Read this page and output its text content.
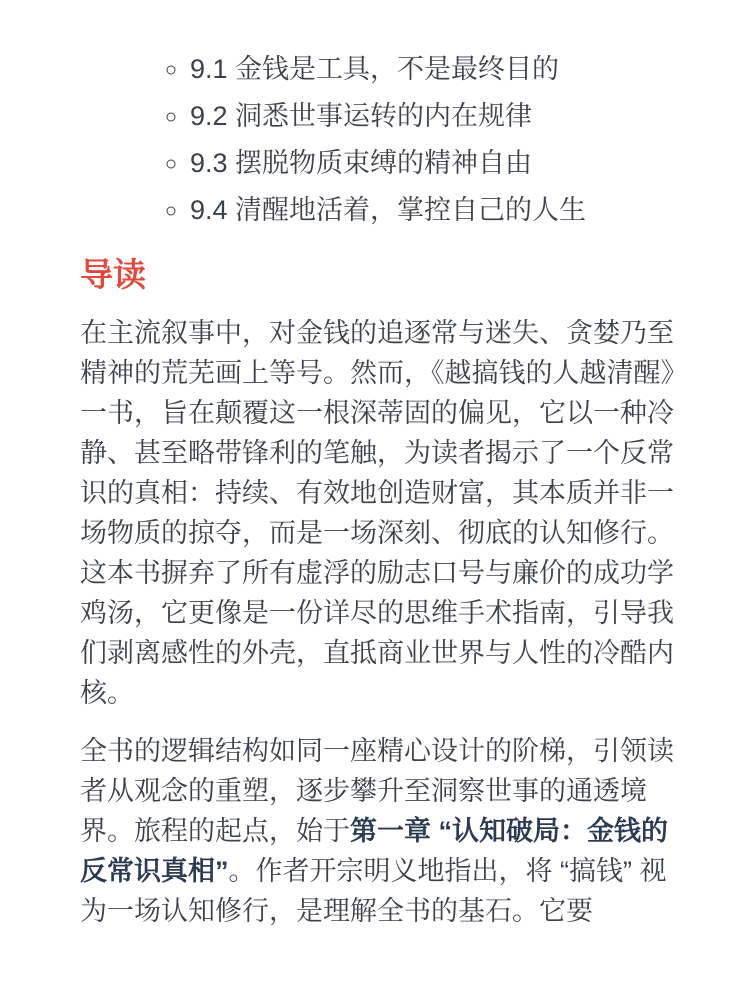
◦ 9.1 金钱是工具，不是最终目的
◦ 9.2 洞悉世事运转的内在规律
◦ 9.3 摆脱物质束缚的精神自由
◦ 9.4 清醒地活着，掌控自己的人生
导读

在主流叙事中，对金钱的追逐常与迷失、贪婪乃至精神的荒芜画上等号。然而，《越搞钱的人越清醒》一书，旨在颠覆这一根深蒂固的偏见，它以一种冷静、甚至略带锋利的笔触，为读者揭示了一个反常识的真相：持续、有效地创造财富，其本质并非一场物质的掠夺，而是一场深刻、彻底的认知修行。这本书摒弃了所有虚浮的励志口号与廉价的成功学鸡汤，它更像是一份详尽的思维手术指南，引导我们剥离感性的外壳，直抵商业世界与人性的冷酷内核。

全书的逻辑结构如同一座精心设计的阶梯，引领读者从观念的重塑，逐步攀升至洞察世事的通透境界。旅程的起点，始于第一章 “认知破局：金钱的反常识真相”。作者开宗明义地指出，将 “搞钱” 视为一场认知修行，是理解全书的基石。它要
